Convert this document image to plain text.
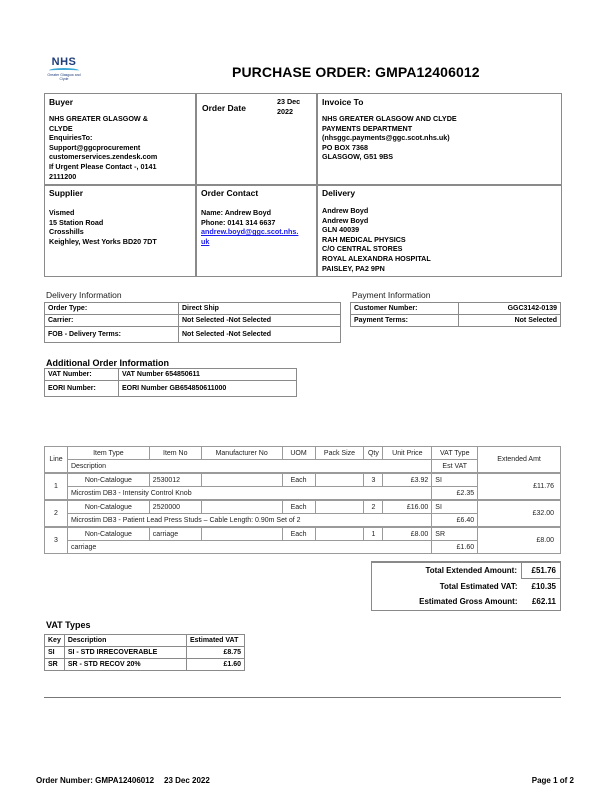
NHS
Greater Glasgow and Clyde	PURCHASE ORDER: GMPA12406012
Buyer
NHS GREATER GLASGOW &
CLYDE
EnquiriesTo:
Support@ggcprocurement
customerservices.zendesk.com
If Urgent Please Contact -, 0141
2111200
Order Date
23 Dec
2022
Invoice To
NHS GREATER GLASGOW AND CLYDE
PAYMENTS DEPARTMENT
(nhsggc.payments@ggc.scot.nhs.uk)
PO BOX 7368
GLASGOW, G51 9BS
Supplier
Vismed
15 Station Road
Crosshills
Keighley, West Yorks BD20 7DT
Order Contact
Name: Andrew Boyd
Phone: 0141 314 6637
andrew.boyd@ggc.scot.nhs.
uk
Delivery
Andrew Boyd
Andrew Boyd
GLN 40039
RAH MEDICAL PHYSICS
C/O CENTRAL STORES
ROYAL ALEXANDRA HOSPITAL
PAISLEY, PA2 9PN
Delivery Information
Order Type:	Direct Ship
Carrier:	Not Selected -Not Selected
FOB - Delivery Terms:	Not Selected -Not Selected
Payment Information
Customer Number:	GGC3142-0139
Payment Terms:	Not Selected
Additional Order Information
VAT Number:	VAT Number 654850611
EORI Number:	EORI Number GB654850611000
Line	Item Type	Item No	Manufacturer No	UOM	Pack Size	Qty	Unit Price	VAT Type	Extended Amt
	Description							Est VAT	
1	Non-Catalogue	2530012		Each		3	£3.92	SI	£11.76
	Microstim DB3 - Intensity Control Knob							£2.35	
2	Non-Catalogue	2520000		Each		2	£16.00	SI	£32.00
	Microstim DB3 - Patient Lead Press Studs – Cable Length: 0.90m Set of 2							£6.40	
3	Non-Catalogue	carriage		Each		1	£8.00	SR	£8.00
	carriage							£1.60	
Total Extended Amount:	£51.76
Total Estimated VAT:	£10.35
Estimated Gross Amount:	£62.11
VAT Types
Key	Description	Estimated VAT
SI	SI - STD IRRECOVERABLE	£8.75
SR	SR - STD RECOV 20%	£1.60
Order Number: GMPA12406012 23 Dec 2022	Page 1 of 2
